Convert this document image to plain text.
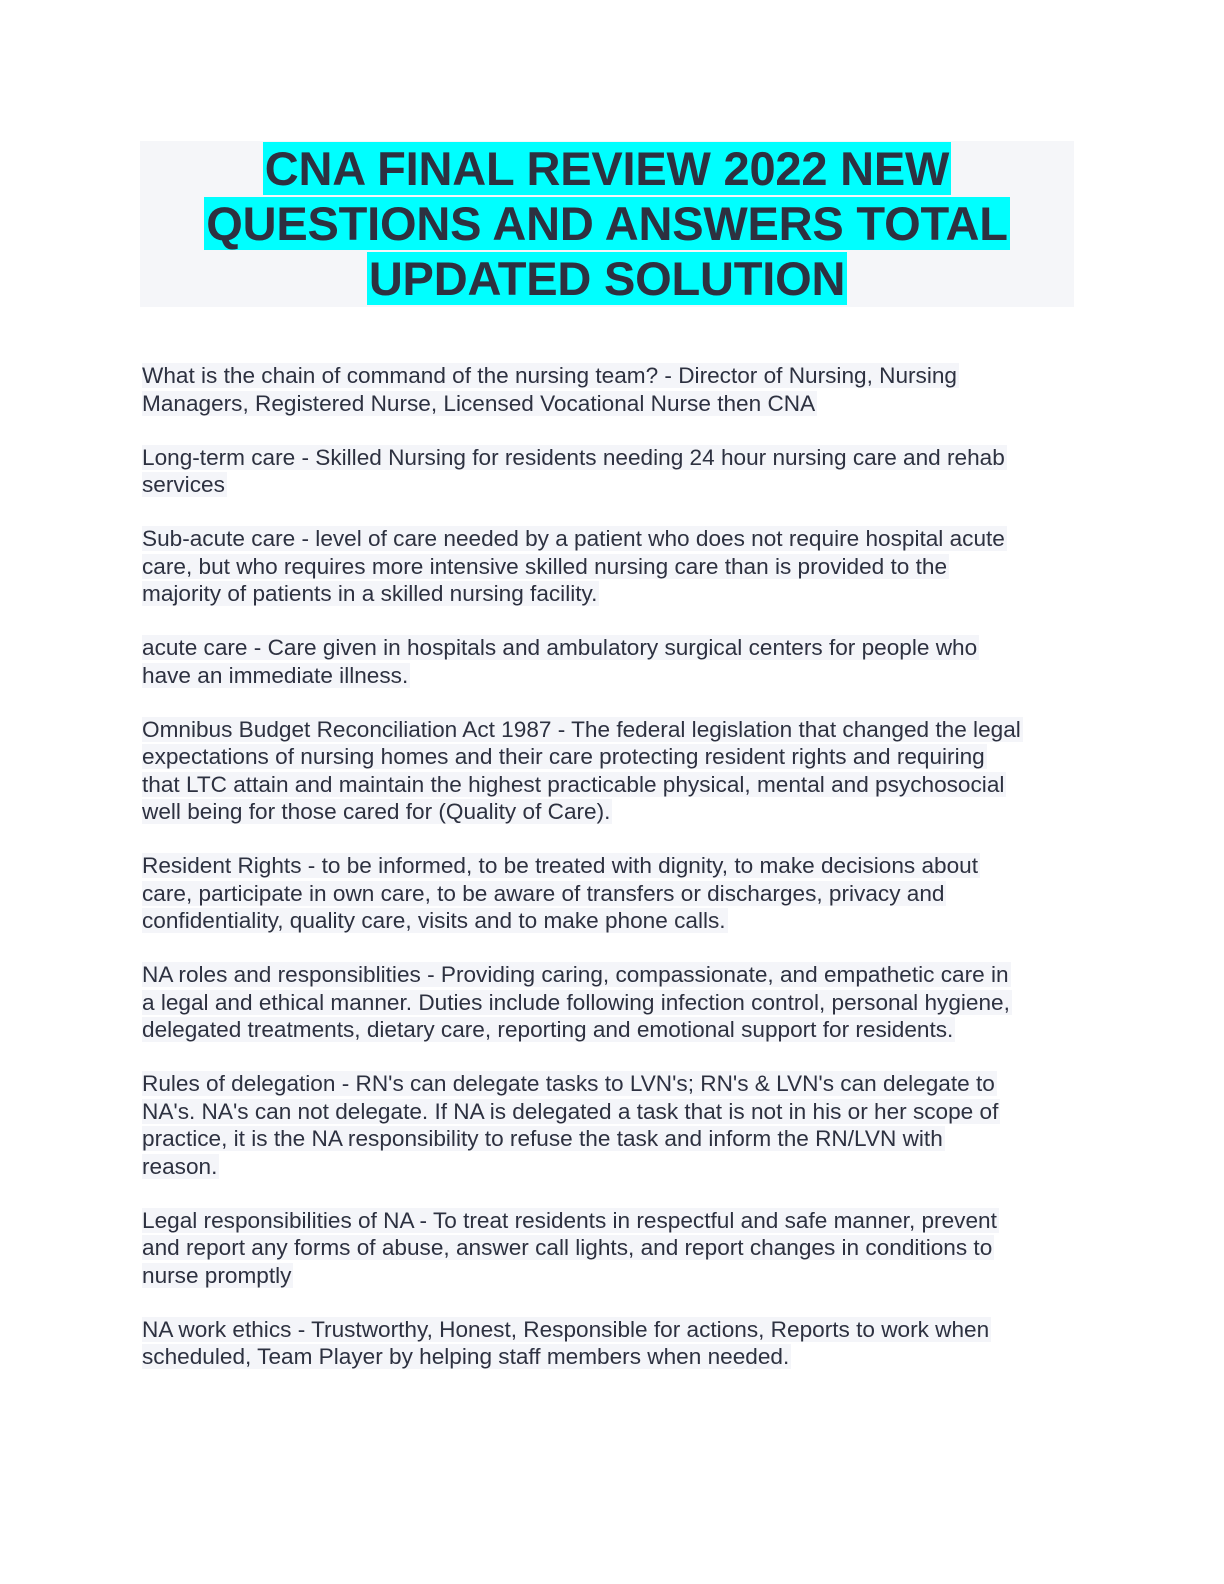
CNA FINAL REVIEW 2022 NEW
QUESTIONS AND ANSWERS TOTAL
UPDATED SOLUTION
What is the chain of command of the nursing team? - Director of Nursing, Nursing
Managers, Registered Nurse, Licensed Vocational Nurse then CNA
Long-term care - Skilled Nursing for residents needing 24 hour nursing care and rehab
services
Sub-acute care - level of care needed by a patient who does not require hospital acute
care, but who requires more intensive skilled nursing care than is provided to the
majority of patients in a skilled nursing facility.
acute care - Care given in hospitals and ambulatory surgical centers for people who
have an immediate illness.
Omnibus Budget Reconciliation Act 1987 - The federal legislation that changed the legal
expectations of nursing homes and their care protecting resident rights and requiring
that LTC attain and maintain the highest practicable physical, mental and psychosocial
well being for those cared for (Quality of Care).
Resident Rights - to be informed, to be treated with dignity, to make decisions about
care, participate in own care, to be aware of transfers or discharges, privacy and
confidentiality, quality care, visits and to make phone calls.
NA roles and responsiblities - Providing caring, compassionate, and empathetic care in
a legal and ethical manner. Duties include following infection control, personal hygiene,
delegated treatments, dietary care, reporting and emotional support for residents.
Rules of delegation - RN's can delegate tasks to LVN's; RN's & LVN's can delegate to
NA's. NA's can not delegate. If NA is delegated a task that is not in his or her scope of
practice, it is the NA responsibility to refuse the task and inform the RN/LVN with
reason.
Legal responsibilities of NA - To treat residents in respectful and safe manner, prevent
and report any forms of abuse, answer call lights, and report changes in conditions to
nurse promptly
NA work ethics - Trustworthy, Honest, Responsible for actions, Reports to work when
scheduled, Team Player by helping staff members when needed.
